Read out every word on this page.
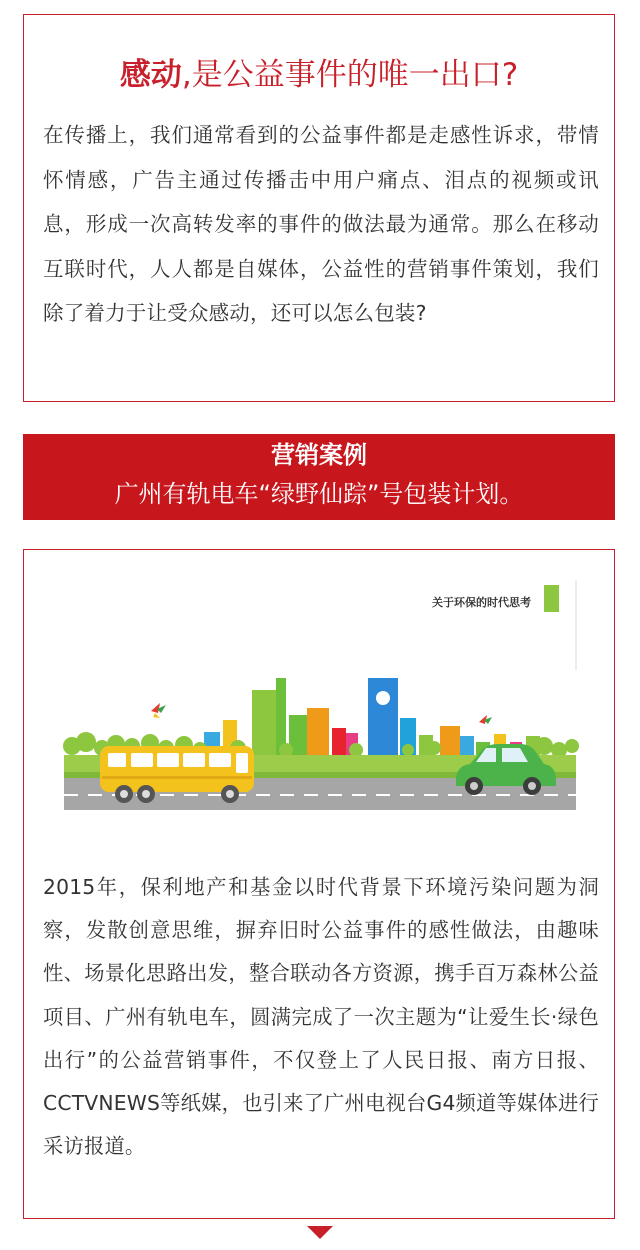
感动,是公益事件的唯一出口?
在传播上，我们通常看到的公益事件都是走感性诉求，带情怀情感，广告主通过传播击中用户痛点、泪点的视频或讯息，形成一次高转发率的事件的做法最为通常。那么在移动互联时代，人人都是自媒体，公益性的营销事件策划，我们除了着力于让受众感动，还可以怎么包装?
营销案例
广州有轨电车“绿野仙踪”号包装计划。
关于环保的时代思考
2015年，保利地产和基金以时代背景下环境污染问题为洞察，发散创意思维，摒弃旧时公益事件的感性做法，由趣味性、场景化思路出发，整合联动各方资源，携手百万森林公益项目、广州有轨电车，圆满完成了一次主题为“让爱生长·绿色出行”的公益营销事件，不仅登上了人民日报、南方日报、CCTVNEWS等纸媒，也引来了广州电视台G4频道等媒体进行采访报道。
